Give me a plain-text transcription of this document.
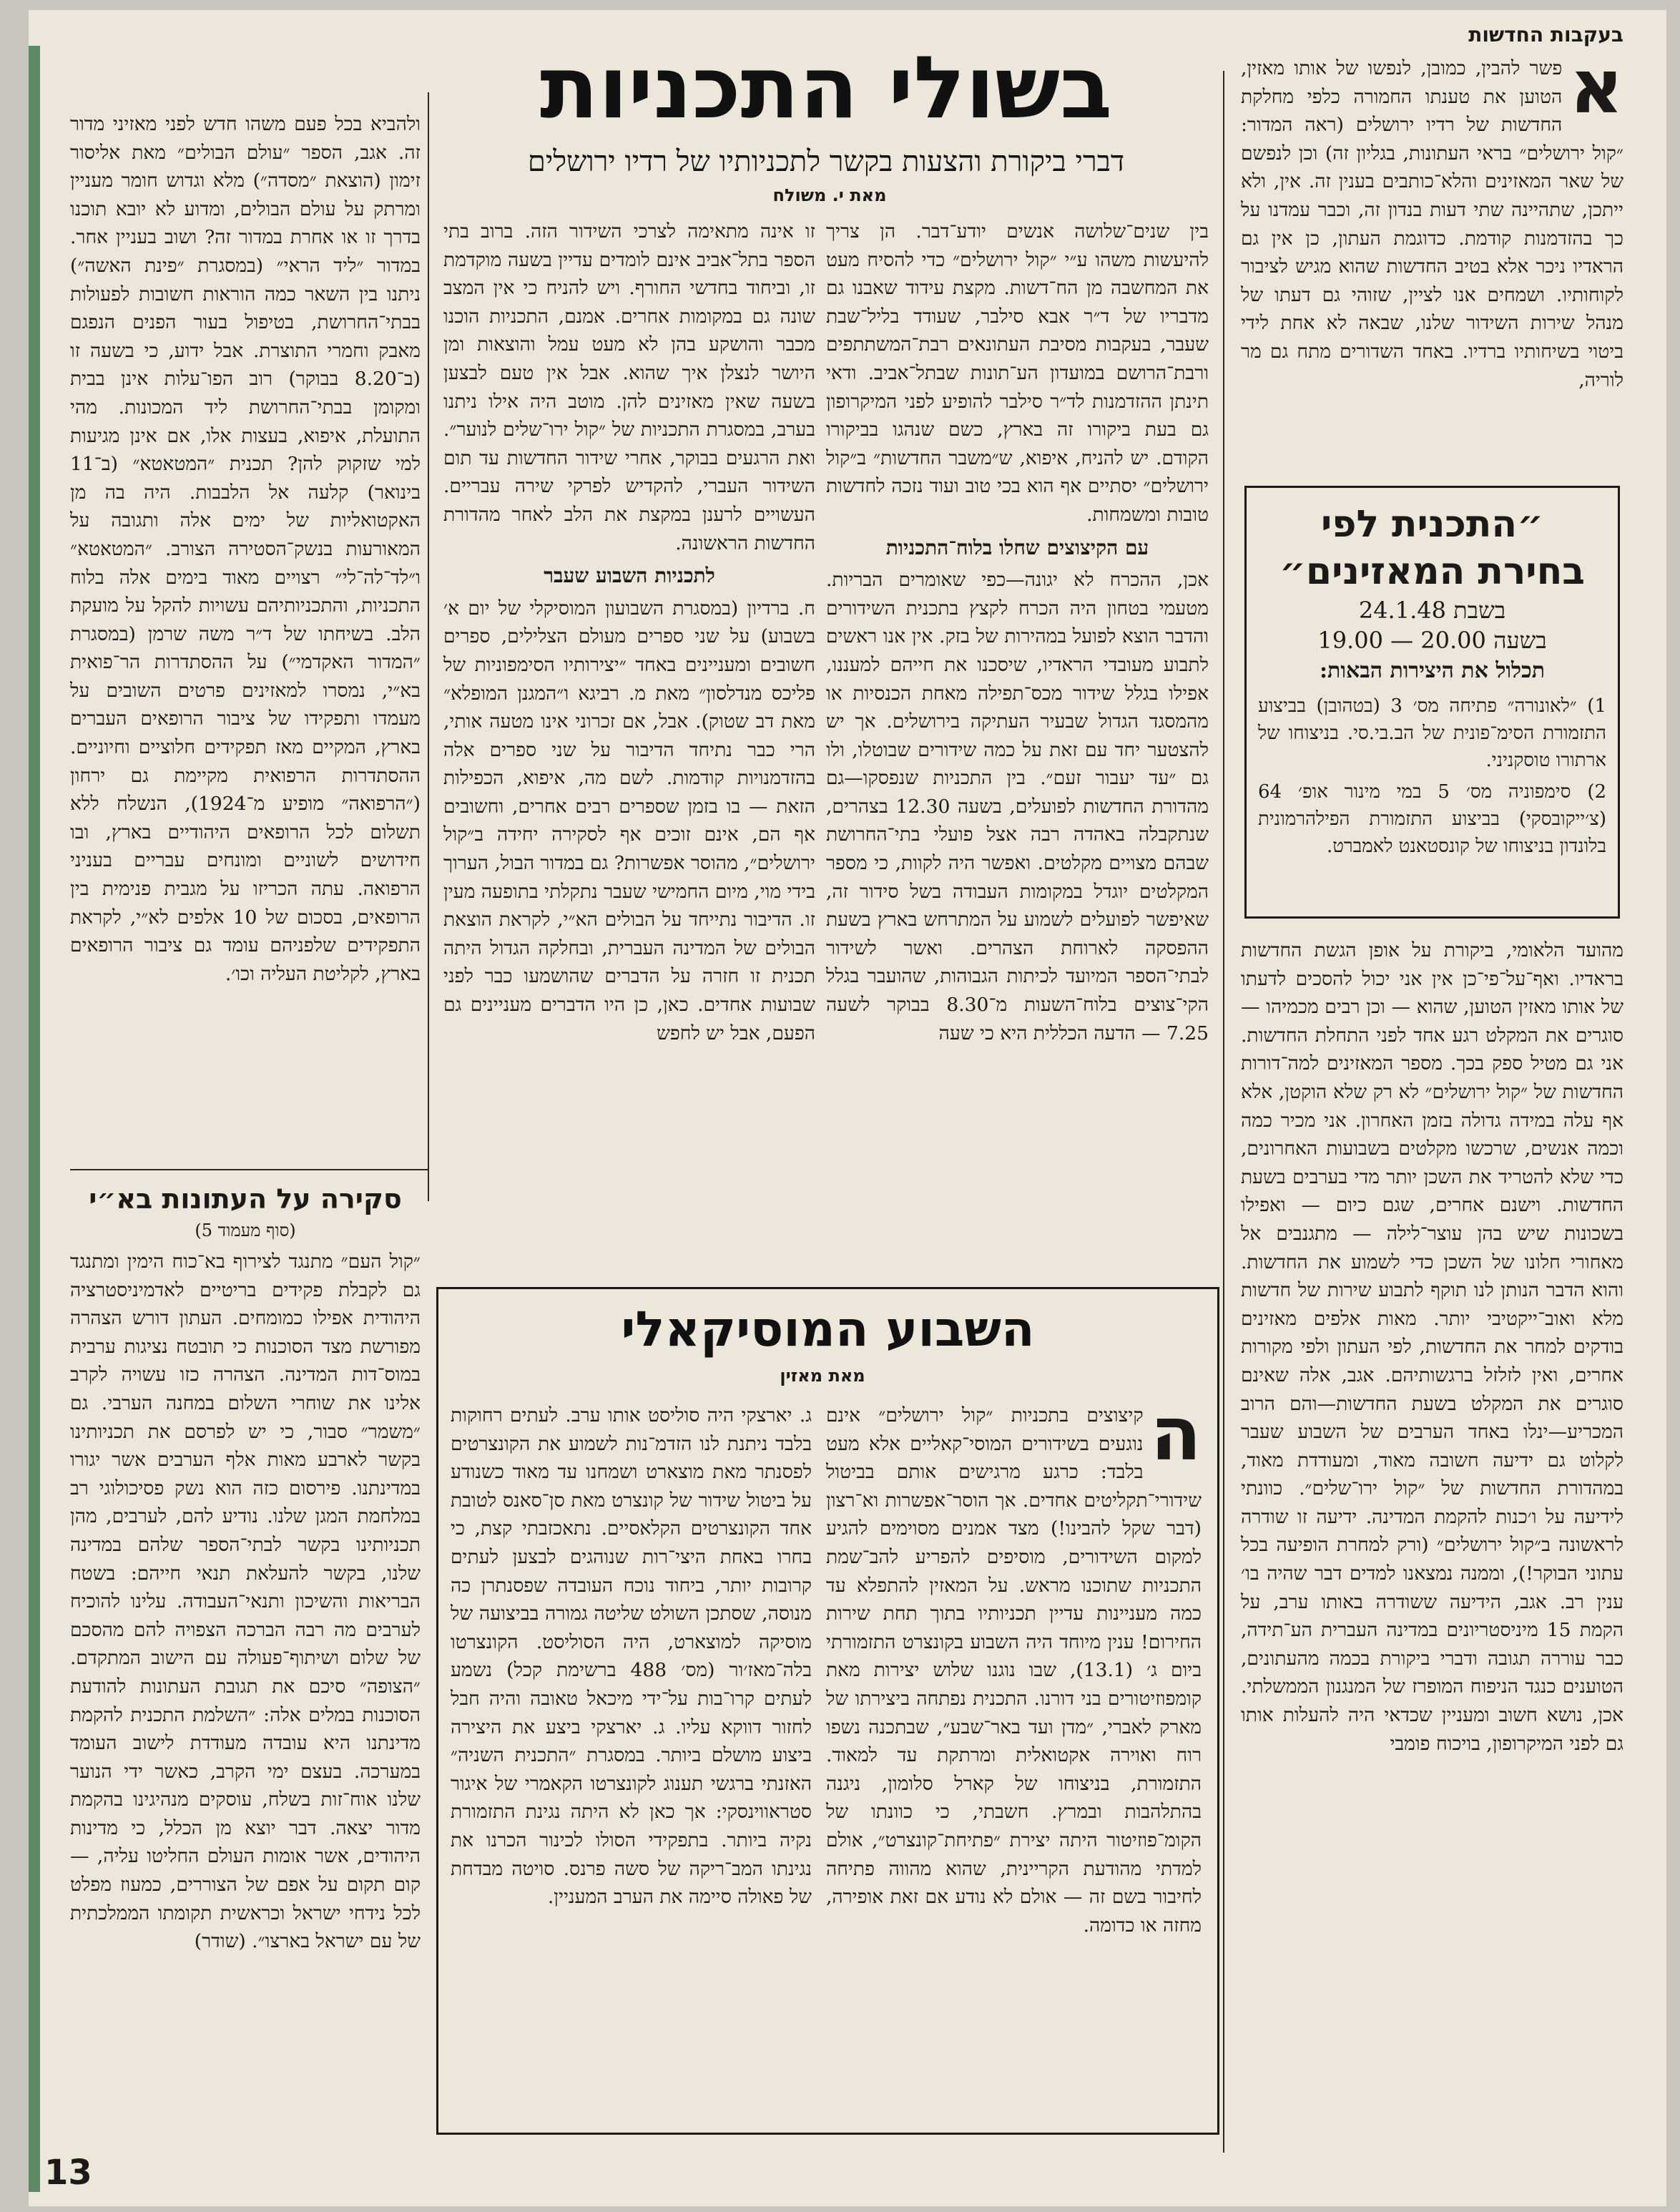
בעקבות החדשות
א
פשר להבין, כמובן, לנפשו של אותו מאזין, הטוען את טענתו החמורה כלפי מחלקת החדשות של רדיו ירושלים (ראה המדור: ״קול ירושלים״ בראי העתונות, בגליון זה) וכן לנפשם של שאר המאזינים והלא־כותבים בענין זה. אין, ולא ייתכן, שתהיינה שתי דעות בנדון זה, וכבר עמדנו על כך בהזדמנות קודמת. כדוגמת העתון, כן אין גם הראדיו ניכר אלא בטיב החדשות שהוא מגיש לציבור לקוחותיו. ושמחים אנו לציין, שזוהי גם דעתו של מנהל שירות השידור שלנו, שבאה לא אחת לידי ביטוי בשיחותיו ברדיו. באחד השדורים מתח גם מר לוריה,
״התכנית לפי
בחירת המאזינים״
בשבת 24.1.48
בשעה 20.00 — 19.00
תכלול את היצירות הבאות:
1) ״לאונורה״ פתיחה מס׳ 3 (בטהובן) בביצוע התזמורת הסימ־פונית של הב.בי.סי. בניצוחו של ארתורו טוסקניני.
2) סימפוניה מס׳ 5 במי מינור אופ׳ 64 (צ׳ייקובסקי) בביצוע התזמורת הפילהרמונית בלונדון בניצוחו של קונסטאנט לאמברט.
מהועד הלאומי, ביקורת על אופן הגשת החדשות בראדיו. ואף־על־פי־כן אין אני יכול להסכים לדעתו של אותו מאזין הטוען, שהוא — וכן רבים מכמיהו — סוגרים את המקלט רגע אחד לפני התחלת החדשות. אני גם מטיל ספק בכך. מספר המאזינים למה־דורות החדשות של ״קול ירושלים״ לא רק שלא הוקטן, אלא אף עלה במידה גדולה בזמן האחרון. אני מכיר כמה וכמה אנשים, שרכשו מקלטים בשבועות האחרונים, כדי שלא להטריד את השכן יותר מדי בערבים בשעת החדשות. וישנם אחרים, שגם כיום — ואפילו בשכונות שיש בהן עוצר־לילה — מתגנבים אל מאחורי חלונו של השכן כדי לשמוע את החדשות. והוא הדבר הנותן לנו תוקף לתבוע שירות של חדשות מלא ואוב־ייקטיבי יותר. מאות אלפים מאזינים בודקים למחר את החדשות, לפי העתון ולפי מקורות אחרים, ואין לזלזל ברגשותיהם. אגב, אלה שאינם סוגרים את המקלט בשעת החדשות—והם הרוב המכריע—ינלו באחד הערבים של השבוע שעבר לקלוט גם ידיעה חשובה מאוד, ומעודדת מאוד, במהדורת החדשות של ״קול ירו־שלים״. כוונתי לידיעה על ו׳כנות להקמת המדינה. ידיעה זו שודרה לראשונה ב״קול ירושלים״ (ורק למחרת הופיעה בכל עתוני הבוקר!), וממנה נמצאנו למדים דבר שהיה בו׳ ענין רב. אגב, הידיעה ששודרה באותו ערב, על הקמת 15 מיניסטריונים במדינה העברית הע־תידה, כבר עוררה תגובה ודברי ביקורת בכמה מהעתונים, הטוענים כנגד הניפוח המופרז של המנגנון הממשלתי. אכן, נושא חשוב ומעניין שכדאי היה להעלות אותו גם לפני המיקרופון, בויכוח פומבי
בשולי התכניות
דברי ביקורת והצעות בקשר לתכניותיו של רדיו ירושלים
מאת י. משולח

בין שנים־שלושה אנשים יודע־דבר. הן צריך להיעשות משהו ע״י ״קול ירושלים״ כדי להסיח מעט את המחשבה מן הח־דשות. מקצת עידוד שאבנו גם מדבריו של ד״ר אבא סילבר, שעודד בליל־שבת שעבר, בעקבות מסיבת העתונאים רבת־המשתתפים ורבת־הרושם במועדון הע־תונות שבתל־אביב. ודאי תינתן ההזדמנות לד״ר סילבר להופיע לפני המיקרופון גם בעת ביקורו זה בארץ, כשם שנהגו בביקורו הקודם. יש להניח, איפוא, ש״משבר החדשות״ ב״קול ירושלים״ יסתיים אף הוא בכי טוב ועוד נזכה לחדשות טובות ומשמחות.

עם הקיצוצים שחלו בלוח־התכניות

אכן, ההכרח לא יגונה—כפי שאומרים הבריות. מטעמי בטחון היה הכרח לקצץ בתכנית השידורים והדבר הוצא לפועל במהירות של בזק. אין אנו ראשים לתבוע מעובדי הראדיו, שיסכנו את חייהם למעננו, אפילו בגלל שידור מכס־תפילה מאחת הכנסיות או מהמסגד הגדול שבעיר העתיקה בירושלים. אך יש להצטער יחד עם זאת על כמה שידורים שבוטלו, ולו גם ״עד יעבור זעם״. בין התכניות שנפסקו—גם מהדורת החדשות לפועלים, בשעה 12.30 בצהרים, שנתקבלה באהדה רבה אצל פועלי בתי־החרושת שבהם מצויים מקלטים. ואפשר היה לקוות, כי מספר המקלטים יוגדל במקומות העבודה בשל סידור זה, שאיפשר לפועלים לשמוע על המתרחש בארץ בשעת ההפסקה לארוחת הצהרים. ואשר לשידור לבתי־הספר המיועד לכיתות הגבוהות, שהועבר בגלל הקי־צוצים בלוח־השעות מ־8.30 בבוקר לשעה 7.25 — הדעה הכללית היא כי שעה

זו אינה מתאימה לצרכי השידור הזה. ברוב בתי הספר בתל־אביב אינם לומדים עדיין בשעה מוקדמת זו, וביחוד בחדשי החורף. ויש להניח כי אין המצב שונה גם במקומות אחרים. אמנם, התכניות הוכנו מכבר והושקע בהן לא מעט עמל והוצאות ומן היושר לנצלן איך שהוא. אבל אין טעם לבצען בשעה שאין מאזינים להן. מוטב היה אילו ניתנו בערב, במסגרת התכניות של ״קול ירו־שלים לנוער״. ואת הרגעים בבוקר, אחרי שידור החדשות עד תום השידור העברי, להקדיש לפרקי שירה עבריים. העשויים לרענן במקצת את הלב לאחר מהדורת החדשות הראשונה.

לתכניות השבוע שעבר

ח. ברדיון (במסגרת השבועון המוסיקלי של יום א׳ בשבוע) על שני ספרים מעולם הצלילים, ספרים חשובים ומעניינים באחד ״יצירותיו הסימפוניות של פליכס מנדלסון״ מאת מ. רביגא ו״המגנן המופלא״ מאת דב שטוק). אבל, אם זכרוני אינו מטעה אותי, הרי כבר נתיחד הדיבור על שני ספרים אלה בהזדמנויות קודמות. לשם מה, איפוא, הכפילות הזאת — בו בזמן שספרים רבים אחרים, וחשובים אף הם, אינם זוכים אף לסקירה יחידה ב״קול ירושלים״, מהוסר אפשרות? גם במדור הבול, הערוך בידי מוי, מיום החמישי שעבר נתקלתי בתופעה מעין זו. הדיבור נתייחד על הבולים הא״י, לקראת הוצאת הבולים של המדינה העברית, ובחלקה הגדול היתה תכנית זו חזרה על הדברים שהושמעו כבר לפני שבועות אחדים. כאן, כן היו הדברים מעניינים גם הפעם, אבל יש לחפש

ולהביא בכל פעם משהו חדש לפני מאזיני מדור זה. אגב, הספר ״עולם הבולים״ מאת אליסור זימון (הוצאת ״מסדה״) מלא וגדוש חומר מעניין ומרתק על עולם הבולים, ומדוע לא יובא תוכנו בדרך זו או אחרת במדור זה? ושוב בעניין אחר. במדור ״ליד הראי״ (במסגרת ״פינת האשה״) ניתנו בין השאר כמה הוראות חשובות לפעולות בבתי־החרושת, בטיפול בעור הפנים הנפגם מאבק וחמרי התוצרת. אבל ידוע, כי בשעה זו (ב־8.20 בבוקר) רוב הפו־עלות אינן בבית ומקומן בבתי־החרושת ליד המכונות. מהי התועלת, איפוא, בעצות אלו, אם אינן מגיעות למי שזקוק להן? תכנית ״המטאטא״ (ב־11 בינואר) קלעה אל הלבבות. היה בה מן האקטואליות של ימים אלה ותגובה על המאורעות בנשק־הסטירה הצורב. ״המטאטא״ ו״לד־לה־לי״ רצויים מאוד בימים אלה בלוח התכניות, והתכניותיהם עשויות להקל על מועקת הלב. בשיחתו של ד״ר משה שרמן (במסגרת ״המדור האקדמי״) על ההסתדרות הר־פואית בא״י, נמסרו למאזינים פרטים השובים על מעמדו ותפקידו של ציבור הרופאים העברים בארץ, המקיים מאז תפקידים חלוציים וחיוניים. ההסתדרות הרפואית מקיימת גם ירחון (״הרפואה״ מופיע מ־1924), הנשלח ללא תשלום לכל הרופאים היהודיים בארץ, ובו חידושים לשוניים ומונחים עבריים בעניני הרפואה. עתה הכריזו על מגבית פנימית בין הרופאים, בסכום של 10 אלפים לא״י, לקראת התפקידים שלפניהם עומד גם ציבור הרופאים בארץ, לקליטת העליה וכו׳.
סקירה על העתונות בא״י
(סוף מעמוד 5)
״קול העם״ מתנגד לצירוף בא־כוח הימין ומתנגד גם לקבלת פקידים בריטיים לאדמיניסטרציה היהודית אפילו כמומחים. העתון דורש הצהרה מפורשת מצד הסוכנות כי תובטח נציגות ערבית במוס־דות המדינה. הצהרה כזו עשויה לקרב אלינו את שוחרי השלום במחנה הערבי. גם ״משמר״ סבור, כי יש לפרסם את תכניותינו בקשר לארבע מאות אלף הערבים אשר יגורו במדינתנו. פירסום כזה הוא נשק פסיכולוגי רב במלחמת המגן שלנו. נודיע להם, לערבים, מהן תכניותינו בקשר לבתי־הספר שלהם במדינה שלנו, בקשר להעלאת תנאי חייהם: בשטח הבריאות והשיכון ותנאי־העבודה. עלינו להוכיח לערבים מה רבה הברכה הצפויה להם מהסכם של שלום ושיתוף־פעולה עם הישוב המתקדם. ״הצופה״ סיכם את תגובת העתונות להודעת הסוכנות במלים אלה: ״השלמת התכנית להקמת מדינתנו היא עובדה מעודדת לישוב העומד במערכה. בעצם ימי הקרב, כאשר ידי הנוער שלנו אוח־זות בשלח, עוסקים מנהיגינו בהקמת מדור יצאה. דבר יוצא מן הכלל, כי מדינות היהודים, אשר אומות העולם החליטו עליה, — קום תקום על אפם של הצוררים, כמעוז מפלט לכל נידחי ישראל וכראשית תקומתו הממלכתית של עם ישראל בארצו״. (שודר)
השבוע המוסיקאלי
מאת מאזין
ה
קיצוצים בתכניות ״קול ירושלים״ אינם נוגעים בשידורים המוסי־קאליים אלא מעט בלבד: כרגע מרגישים אותם בביטול שידורי־תקליטים אחדים. אך הוסר־אפשרות וא־רצון (דבר שקל להבינו!) מצד אמנים מסוימים להגיע למקום השידורים, מוסיפים להפריע להב־שמת התכניות שתוכנו מראש. על המאזין להתפלא עד כמה מעניינות עדיין תכניותיו בתוך תחת שירות החירום! ענין מיוחד היה השבוע בקונצרט התזמורתי ביום ג׳ (13.1), שבו נוגנו שלוש יצירות מאת קומפוזיטורים בני דורנו. התכנית נפתחה ביצירתו של מארק לאברי, ״מדן ועד באר־שבע״, שבתכנה נשפו רוח ואוירה אקטואלית ומרתקת עד למאוד. התזמורת, בניצוחו של קארל סלומון, ניגנה בהתלהבות ובמרץ. חשבתי, כי כוונתו של הקומ־פוזיטור היתה יצירת ״פתיחת־קונצרט״, אולם למדתי מהודעת הקריינית, שהוא מהווה פתיחה לחיבור בשם זה — אולם לא נודע אם זאת אופירה, מחזה או כדומה.
ג. יארצקי היה סוליסט אותו ערב. לעתים רחוקות בלבד ניתנת לנו הזדמ־נות לשמוע את הקונצרטים לפסנתר מאת מוצארט ושמחנו עד מאוד כשנודע על ביטול שידור של קונצרט מאת סן־סאנס לטובת אחד הקונצרטים הקלאסיים. נתאכזבתי קצת, כי בחרו באחת היצי־רות שנוהגים לבצען לעתים קרובות יותר, ביחוד נוכח העובדה שפסנתרן כה מנוסה, שסתכן השולט שליטה גמורה בביצועה של מוסיקה למוצארט, היה הסוליסט. הקונצרטו בלה־מאז׳ור (מס׳ 488 ברשימת קכל) נשמע לעתים קרו־בות על־ידי מיכאל טאובה והיה חבל לחזור דווקא עליו. ג. יארצקי ביצע את היצירה ביצוע מושלם ביותר. במסגרת ״התכנית השניה״ האזנתי ברגשי תענוג לקונצרטו הקאמרי של איגור סטראווינסקי: אך כאן לא היתה נגינת התזמורת נקיה ביותר. בתפקידי הסולו לכינור הכרנו את נגינתו המב־ריקה של סשה פרנס. סויטה מבדחת של פאולה סיימה את הערב המעניין.
13
